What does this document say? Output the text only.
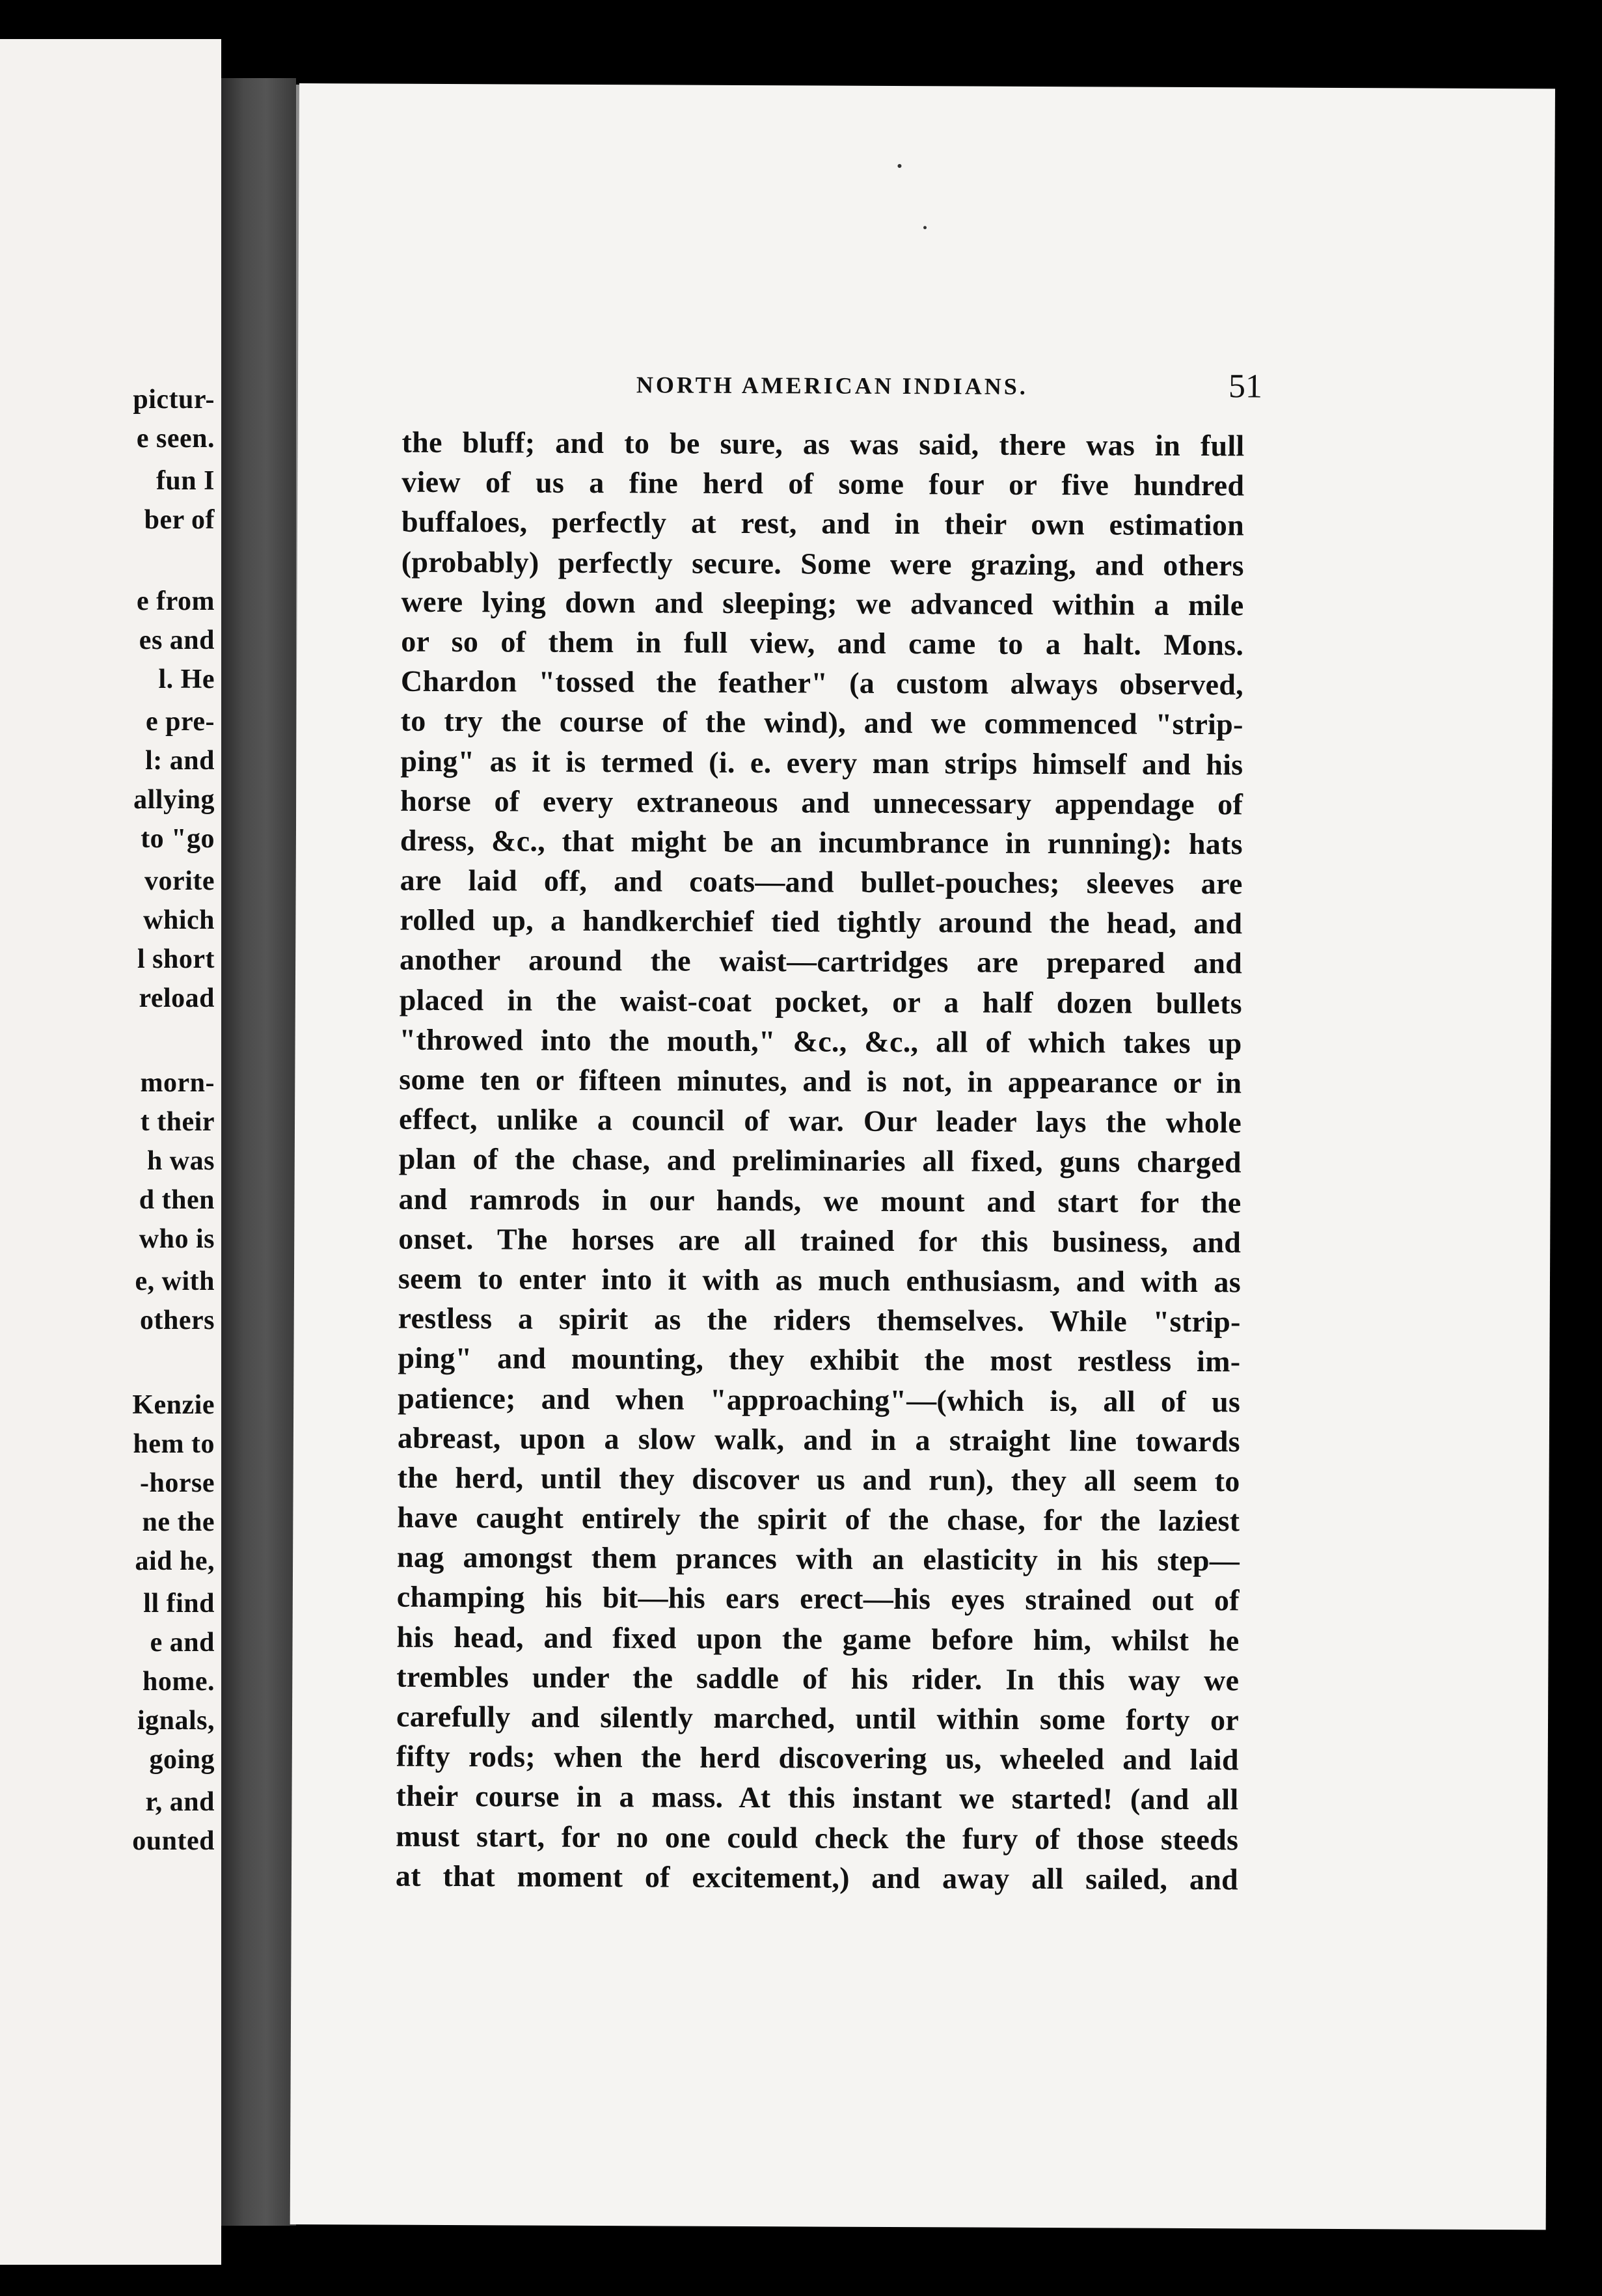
pictur-
e seen.
fun I
ber of
e from
es and
l. He
e pre-
l: and
allying
to "go
vorite
which
l short
reload
morn-
t their
h was
d then
who is
e, with
others
Kenzie
hem to
-horse
ne the
aid he,
ll find
e and
home.
ignals,
going
r, and
ounted
NORTH AMERICAN INDIANS.	51
the bluff; and to be sure, as was said, there was in full
view of us a fine herd of some four or five hundred
buffaloes, perfectly at rest, and in their own estimation
(probably) perfectly secure. Some were grazing, and others
were lying down and sleeping; we advanced within a mile
or so of them in full view, and came to a halt. Mons.
Chardon "tossed the feather" (a custom always observed,
to try the course of the wind), and we commenced "strip-
ping" as it is termed (i. e. every man strips himself and his
horse of every extraneous and unnecessary appendage of
dress, &c., that might be an incumbrance in running): hats
are laid off, and coats—and bullet-pouches; sleeves are
rolled up, a handkerchief tied tightly around the head, and
another around the waist—cartridges are prepared and
placed in the waist-coat pocket, or a half dozen bullets
"throwed into the mouth," &c., &c., all of which takes up
some ten or fifteen minutes, and is not, in appearance or in
effect, unlike a council of war. Our leader lays the whole
plan of the chase, and preliminaries all fixed, guns charged
and ramrods in our hands, we mount and start for the
onset. The horses are all trained for this business, and
seem to enter into it with as much enthusiasm, and with as
restless a spirit as the riders themselves. While "strip-
ping" and mounting, they exhibit the most restless im-
patience; and when "approaching"—(which is, all of us
abreast, upon a slow walk, and in a straight line towards
the herd, until they discover us and run), they all seem to
have caught entirely the spirit of the chase, for the laziest
nag amongst them prances with an elasticity in his step—
champing his bit—his ears erect—his eyes strained out of
his head, and fixed upon the game before him, whilst he
trembles under the saddle of his rider. In this way we
carefully and silently marched, until within some forty or
fifty rods; when the herd discovering us, wheeled and laid
their course in a mass. At this instant we started! (and all
must start, for no one could check the fury of those steeds
at that moment of excitement,) and away all sailed, and
